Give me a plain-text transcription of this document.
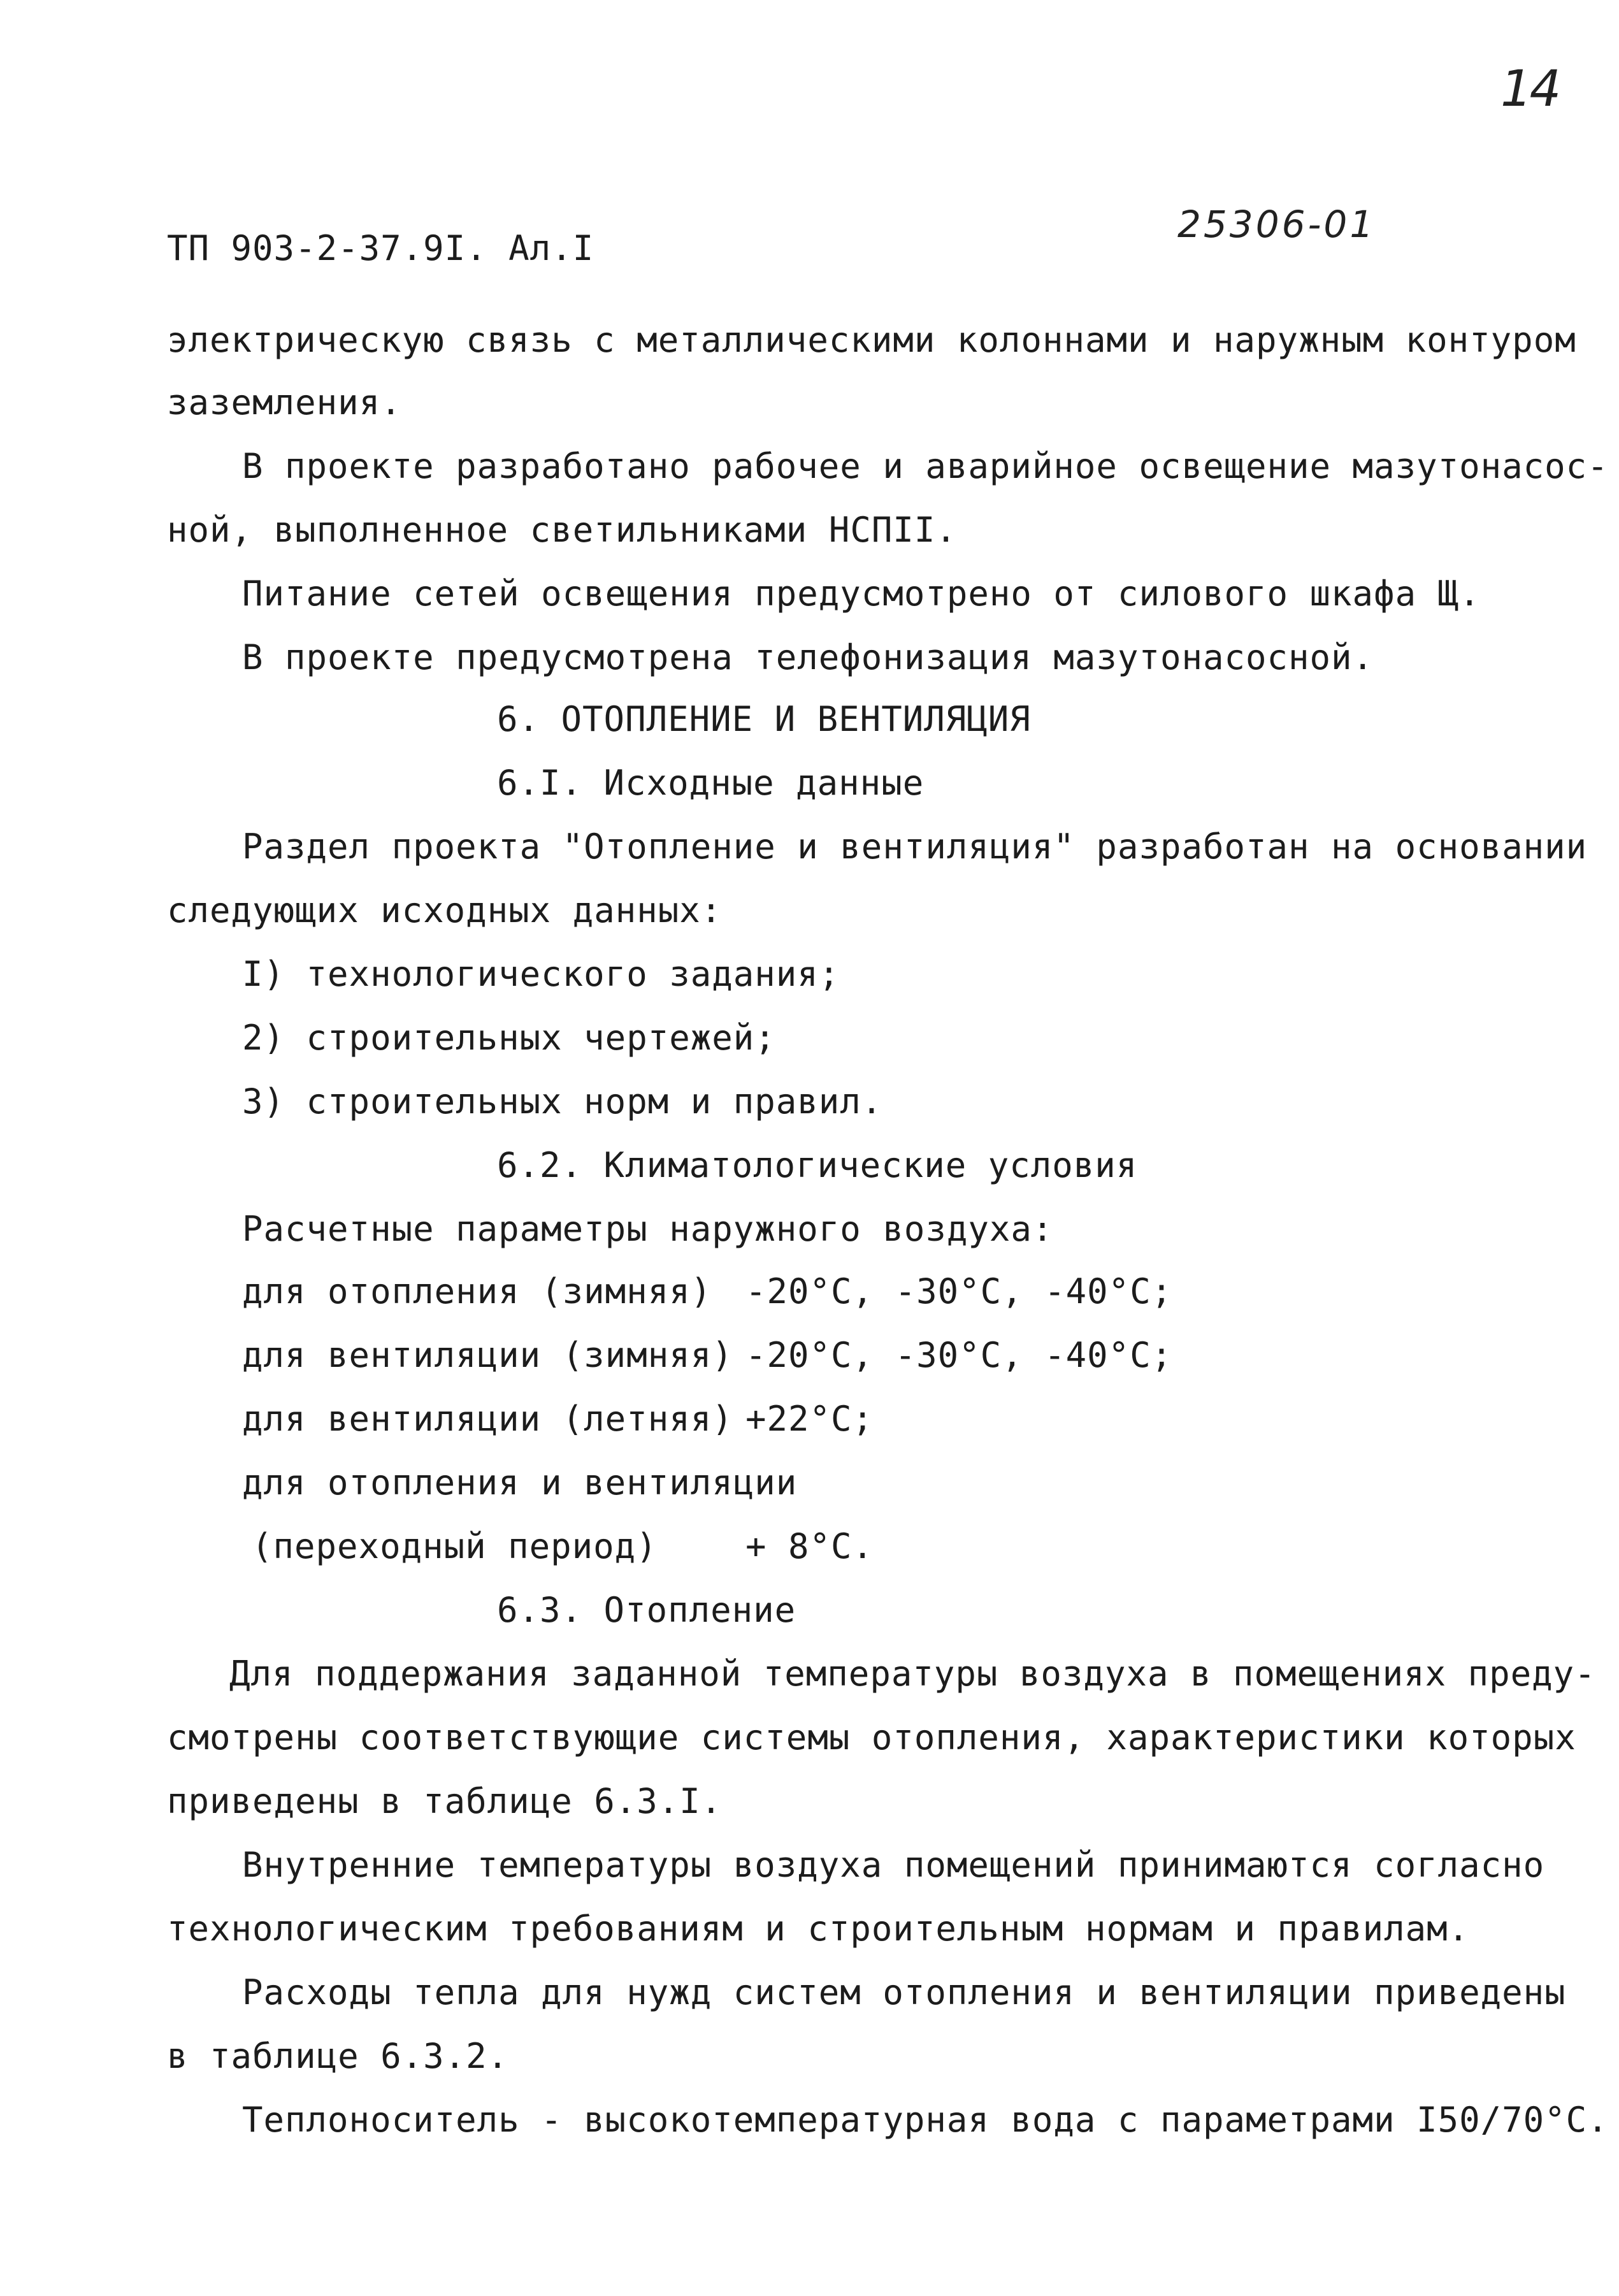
14
ТП 903-2-37.9I. Ал.I
25306-01
электрическую связь с металлическими колоннами и наружным контуром
заземления.
В проекте разработано рабочее и аварийное освещение мазутонасос-
ной, выполненное светильниками НСПII.
Питание сетей освещения предусмотрено от силового шкафа Щ.
В проекте предусмотрена телефонизация мазутонасосной.
6. ОТОПЛЕНИЕ И ВЕНТИЛЯЦИЯ
6.I. Исходные данные
Раздел проекта "Отопление и вентиляция" разработан на основании
следующих исходных данных:
I) технологического задания;
2) строительных чертежей;
3) строительных норм и правил.
6.2. Климатологические условия
Расчетные параметры наружного воздуха:
для отопления (зимняя) -20°С, -30°С, -40°С;
для вентиляции (зимняя) -20°С, -30°С, -40°С;
для вентиляции (летняя) +22°С;
для отопления и вентиляции
(переходный период)	+ 8°С.
6.3. Отопление
Для поддержания заданной температуры воздуха в помещениях преду-
смотрены соответствующие системы отопления, характеристики которых
приведены в таблице 6.3.I.
Внутренние температуры воздуха помещений принимаются согласно
технологическим требованиям и строительным нормам и правилам.
Расходы тепла для нужд систем отопления и вентиляции приведены
в таблице 6.3.2.
Теплоноситель - высокотемпературная вода с параметрами I50/70°С.
